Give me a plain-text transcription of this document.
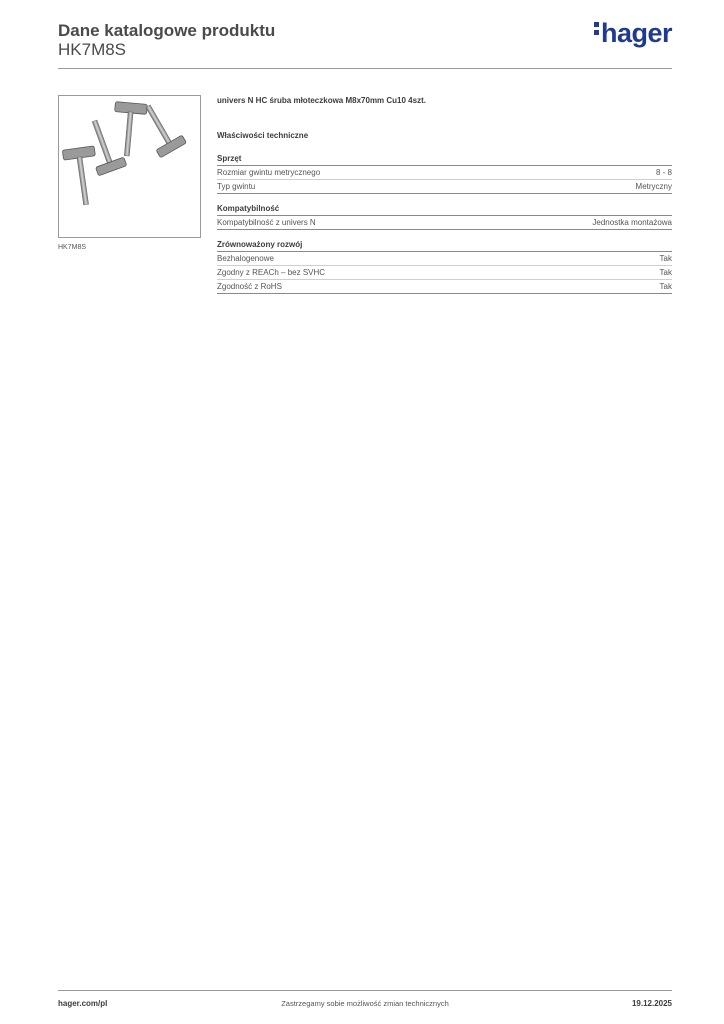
Dane katalogowe produktu
HK7M8S
hager
HK7M8S
univers N HC śruba młoteczkowa M8x70mm Cu10 4szt.
Właściwości techniczne
Sprzęt
Rozmiar gwintu metrycznego	8 - 8
Typ gwintu	Metryczny
Kompatybilność
Kompatybilność z univers N	Jednostka montażowa
Zrównoważony rozwój
Bezhalogenowe	Tak
Zgodny z REACh – bez SVHC	Tak
Zgodność z RoHS	Tak
hager.com/pl	Zastrzegamy sobie możliwość zmian technicznych	19.12.2025
